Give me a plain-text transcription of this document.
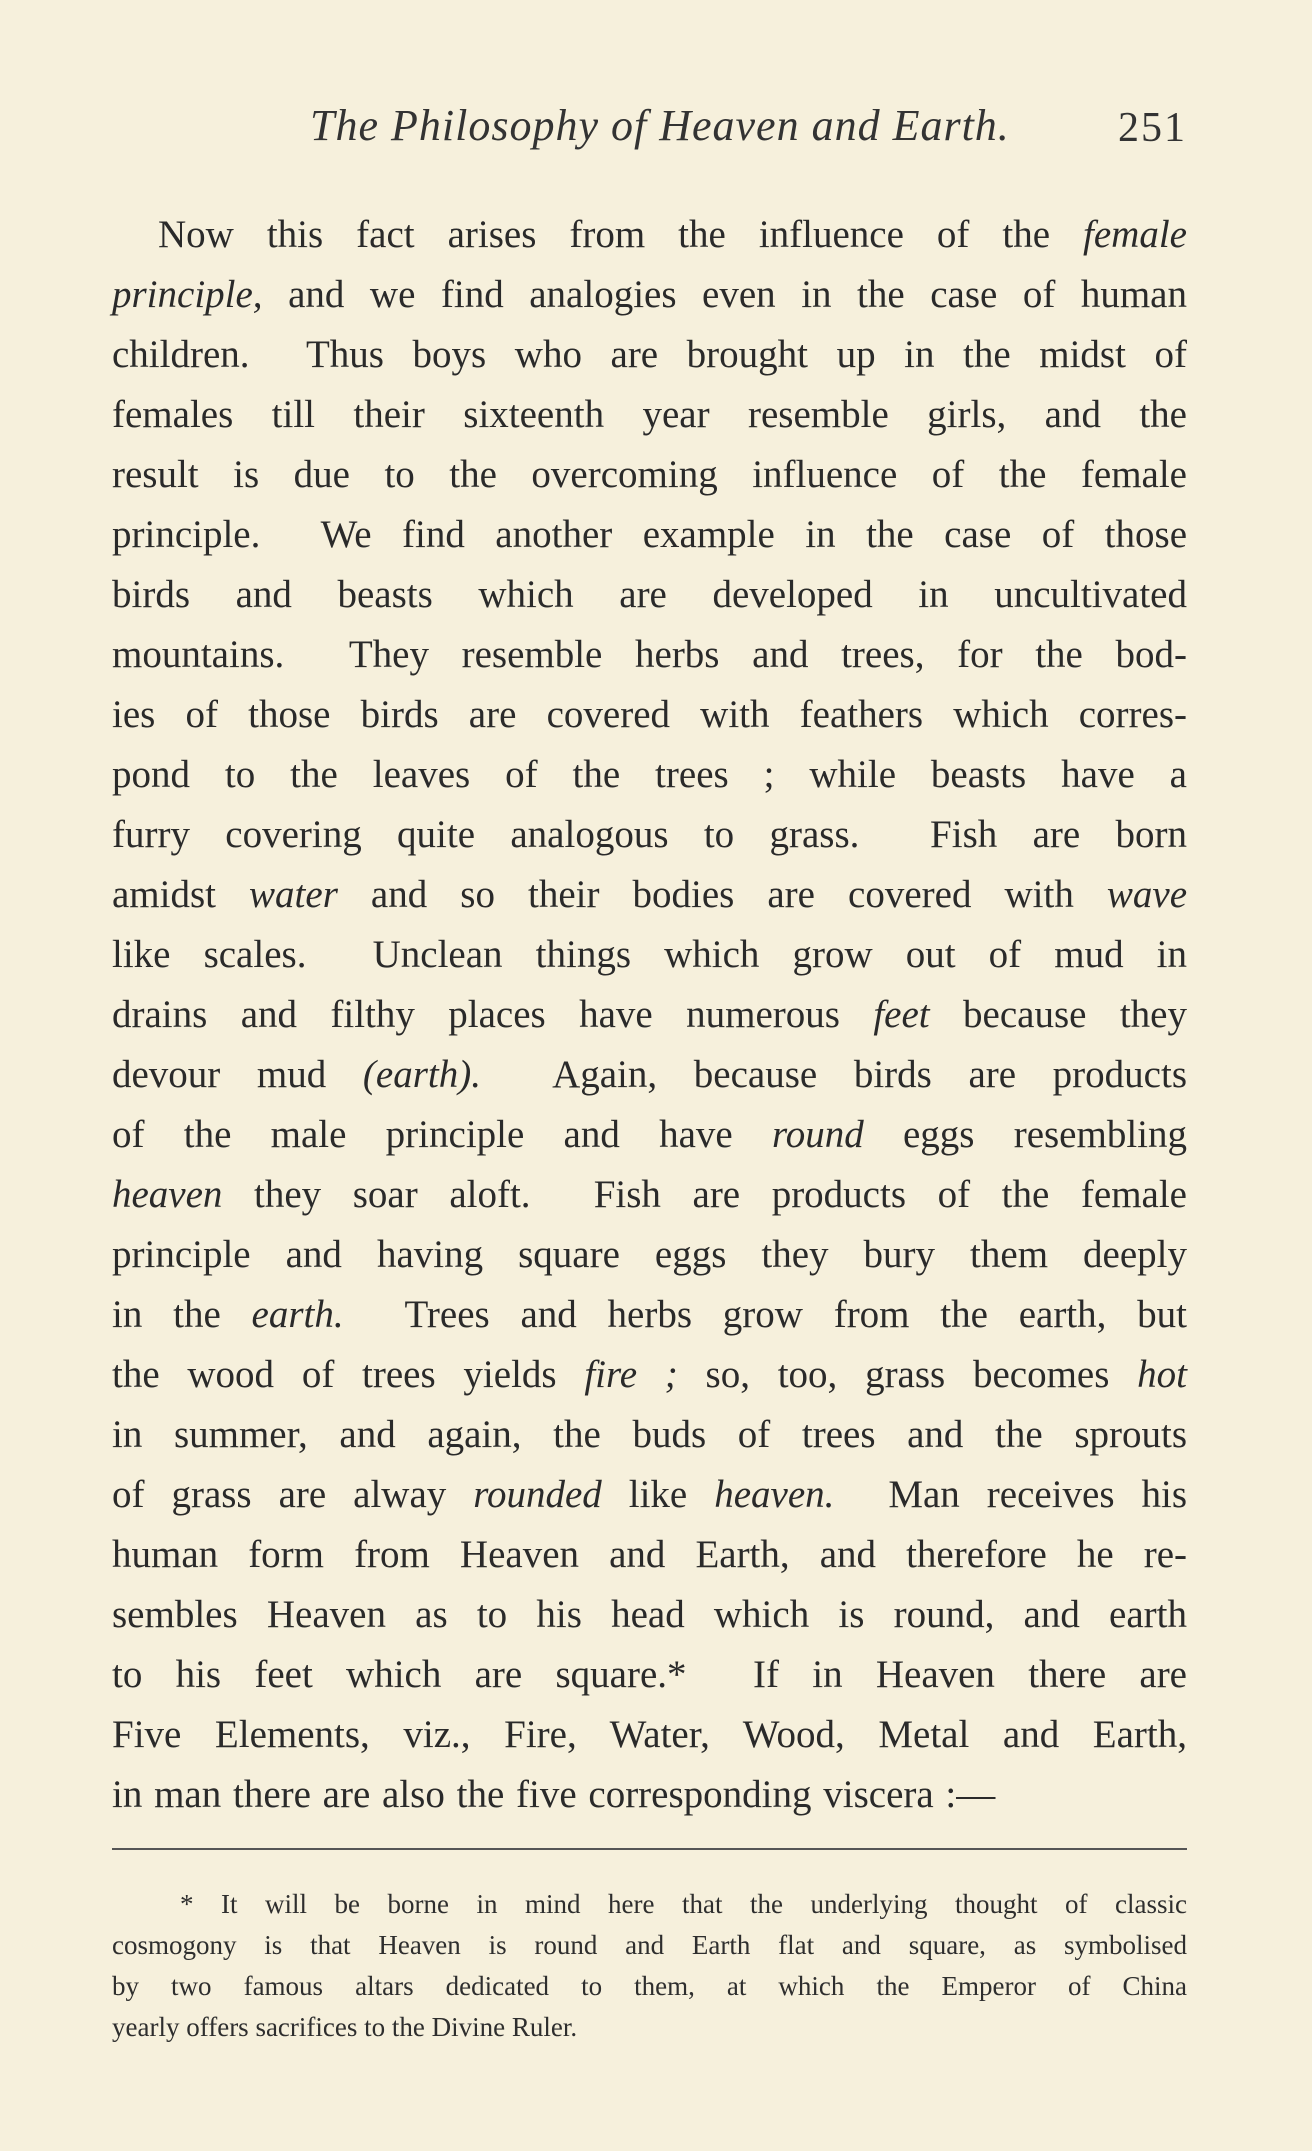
The Philosophy of Heaven and Earth.	251
Now this fact arises from the influence of the female
principle, and we find analogies even in the case of human
children.  Thus boys who are brought up in the midst of
females till their sixteenth year resemble girls, and the
result is due to the overcoming influence of the female
principle.  We find another example in the case of those
birds and beasts which are developed in uncultivated
mountains.  They resemble herbs and trees, for the bod-
ies of those birds are covered with feathers which corres-
pond to the leaves of the trees ; while beasts have a
furry covering quite analogous to grass.  Fish are born
amidst water and so their bodies are covered with wave
like scales.  Unclean things which grow out of mud in
drains and filthy places have numerous feet because they
devour mud (earth).  Again, because birds are products
of the male principle and have round eggs resembling
heaven they soar aloft.  Fish are products of the female
principle and having square eggs they bury them deeply
in the earth.  Trees and herbs grow from the earth, but
the wood of trees yields fire ; so, too, grass becomes hot
in summer, and again, the buds of trees and the sprouts
of grass are alway rounded like heaven.  Man receives his
human form from Heaven and Earth, and therefore he re-
sembles Heaven as to his head which is round, and earth
to his feet which are square.*  If in Heaven there are
Five Elements, viz., Fire, Water, Wood, Metal and Earth,
in man there are also the five corresponding viscera :—
* It will be borne in mind here that the underlying thought of classic
cosmogony is that Heaven is round and Earth flat and square, as symbolised
by two famous altars dedicated to them, at which the Emperor of China
yearly offers sacrifices to the Divine Ruler.
